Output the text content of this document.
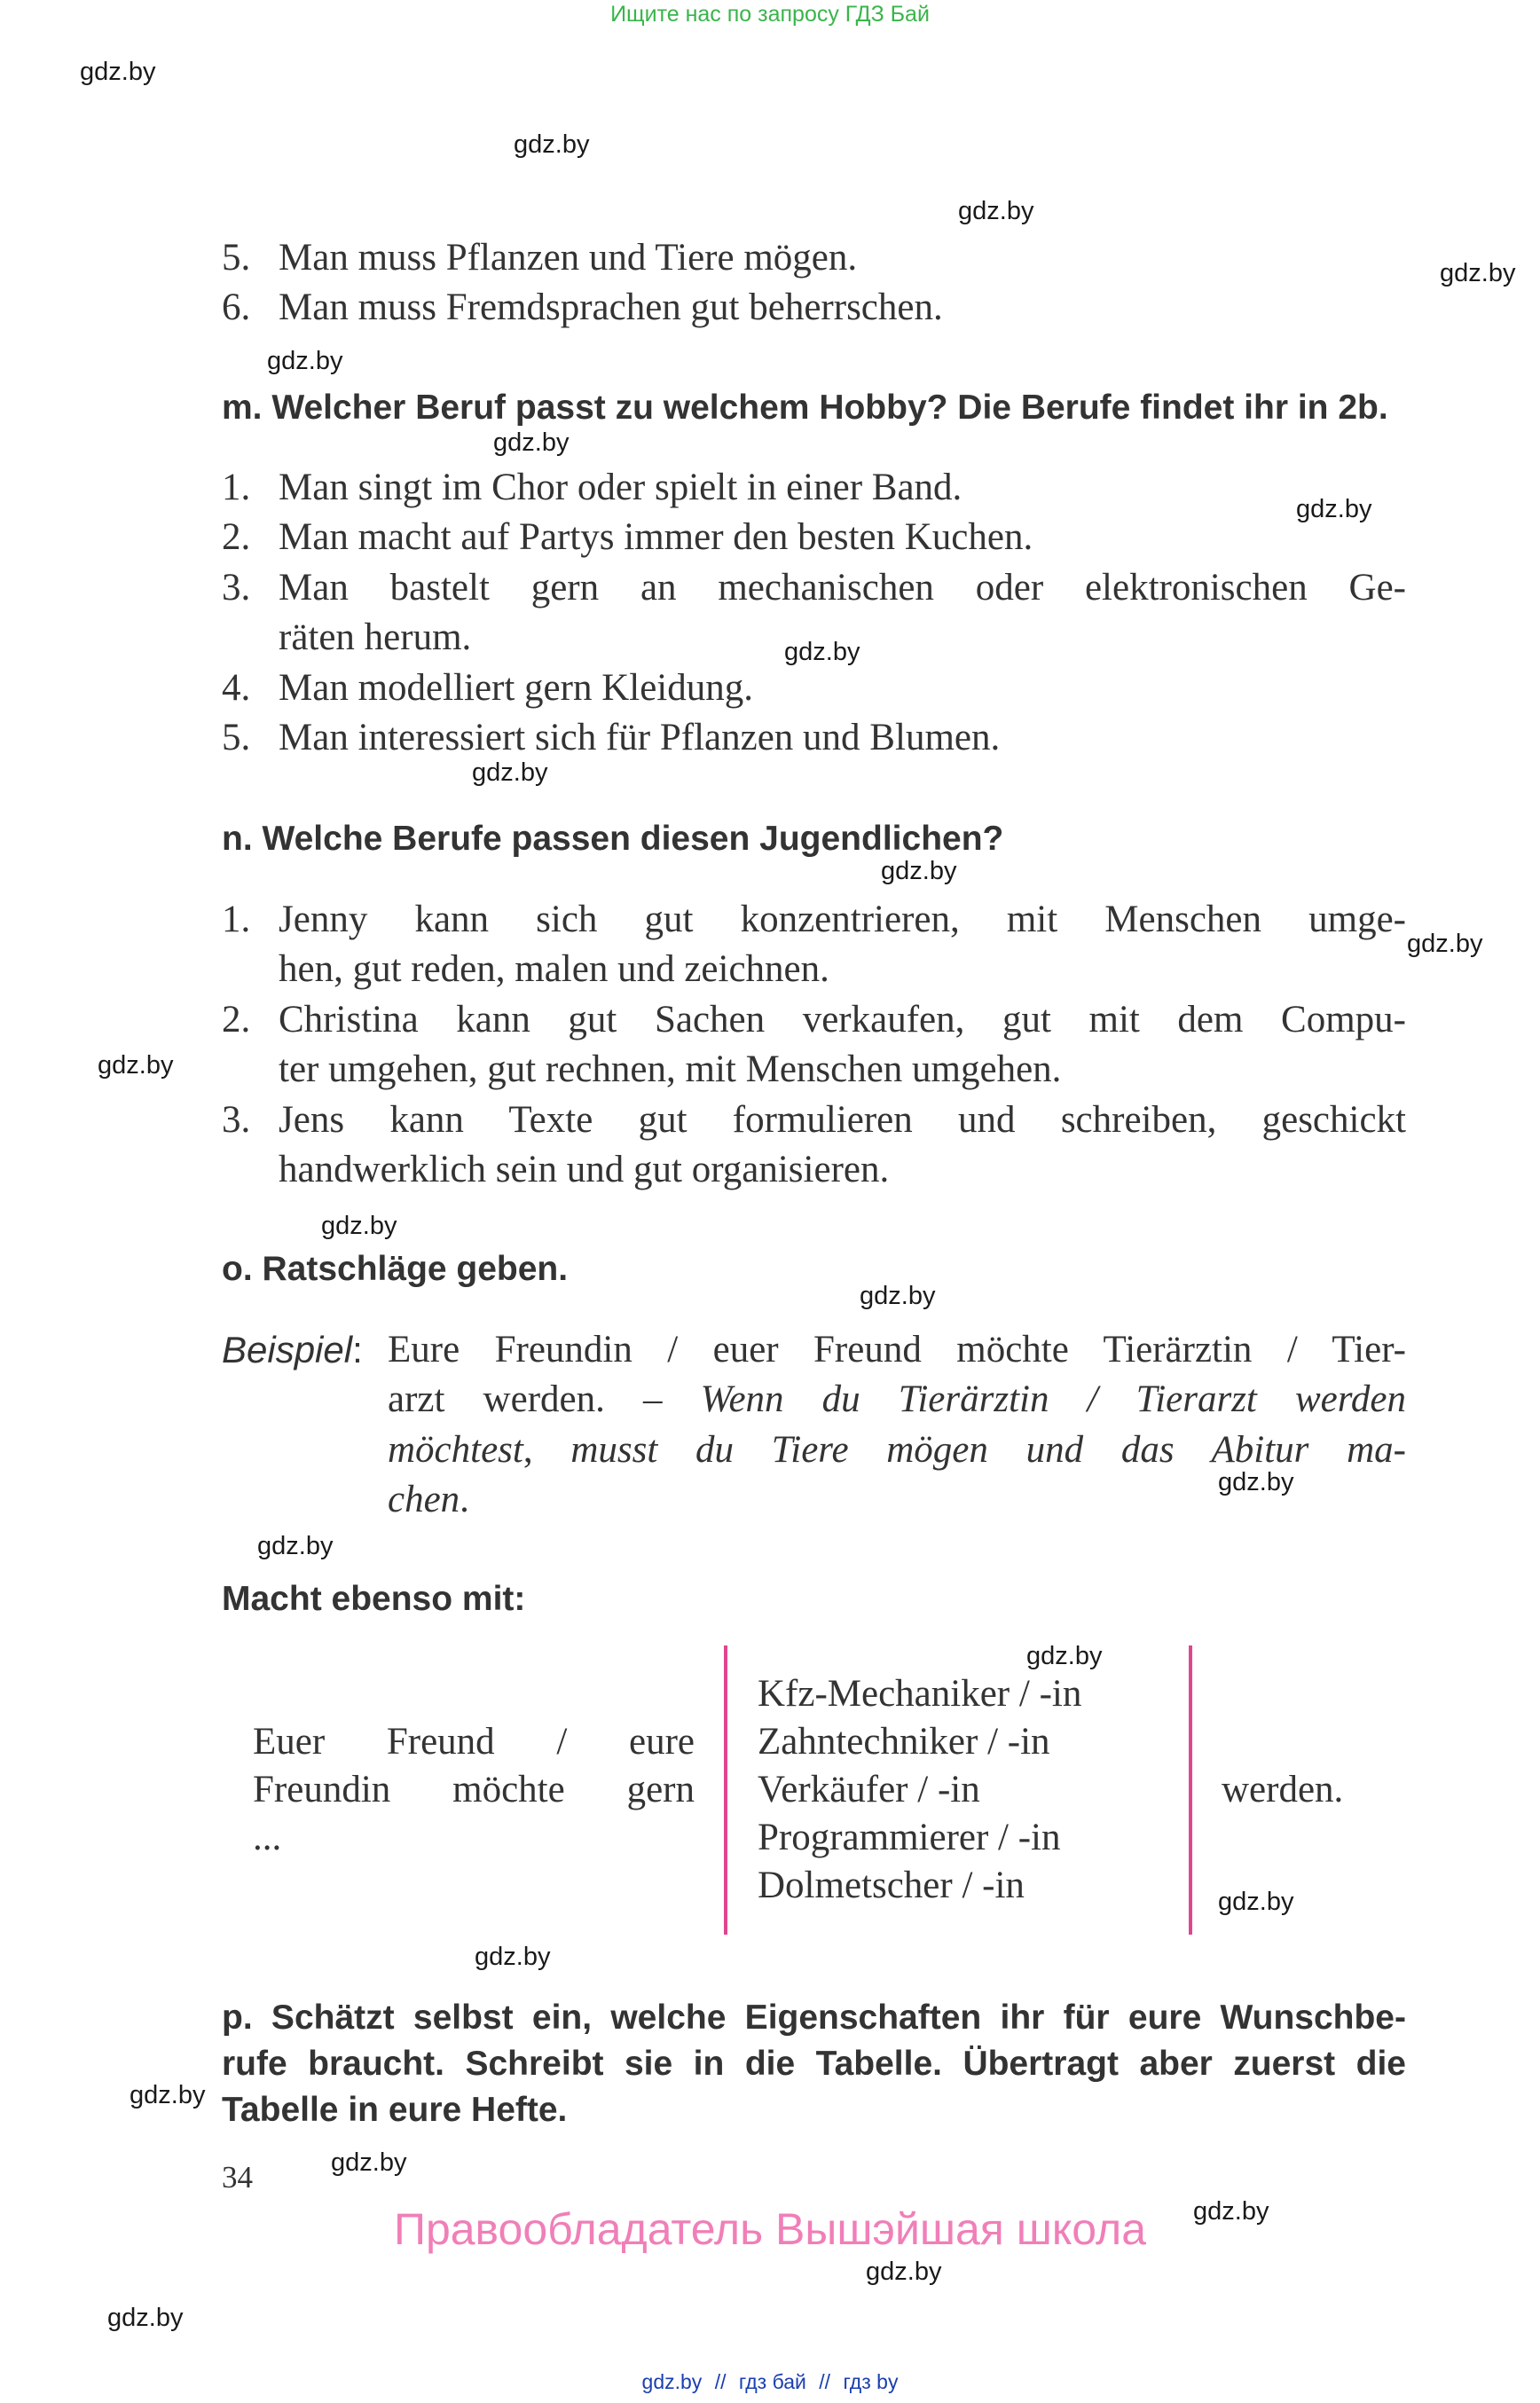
Ищите нас по запросу ГДЗ Бай
gdz.by
gdz.by
gdz.by
gdz.by
gdz.by
gdz.by
gdz.by
gdz.by
gdz.by
gdz.by
gdz.by
gdz.by
gdz.by
gdz.by
gdz.by
gdz.by
gdz.by
gdz.by
gdz.by
gdz.by
gdz.by
gdz.by
gdz.by
gdz.by
5. Man muss Pflanzen und Tiere mögen.
6. Man muss Fremdsprachen gut beherrschen.
m. Welcher Beruf passt zu welchem Hobby? Die Berufe findet ihr in 2b.
1. Man singt im Chor oder spielt in einer Band.
2. Man macht auf Partys immer den besten Kuchen.
3. Man bastelt gern an mechanischen oder elektronischen Ge-
räten herum.
4. Man modelliert gern Kleidung.
5. Man interessiert sich für Pflanzen und Blumen.
n. Welche Berufe passen diesen Jugendlichen?
1. Jenny kann sich gut konzentrieren, mit Menschen umge-
hen, gut reden, malen und zeichnen.
2. Christina kann gut Sachen verkaufen, gut mit dem Compu-
ter umgehen, gut rechnen, mit Menschen umgehen.
3. Jens kann Texte gut formulieren und schreiben, geschickt
handwerklich sein und gut organisieren.
o. Ratschläge geben.
Beispiel: Eure Freundin / euer Freund möchte Tierärztin / Tier-
arzt werden. – Wenn du Tierärztin / Tierarzt werden
möchtest, musst du Tiere mögen und das Abitur ma-
chen.
Macht ebenso mit:
Euer Freund / eure
Freundin möchte gern
...
Kfz-Mechaniker / -in
Zahntechniker / -in
Verkäufer / -in
Programmierer / -in
Dolmetscher / -in
werden.
p. Schätzt selbst ein, welche Eigenschaften ihr für eure Wunschbe-
rufe braucht. Schreibt sie in die Tabelle. Übertragt aber zuerst die
Tabelle in eure Hefte.
34
Правообладатель Вышэйшая школа
gdz.by // гдз бай // гдз by
